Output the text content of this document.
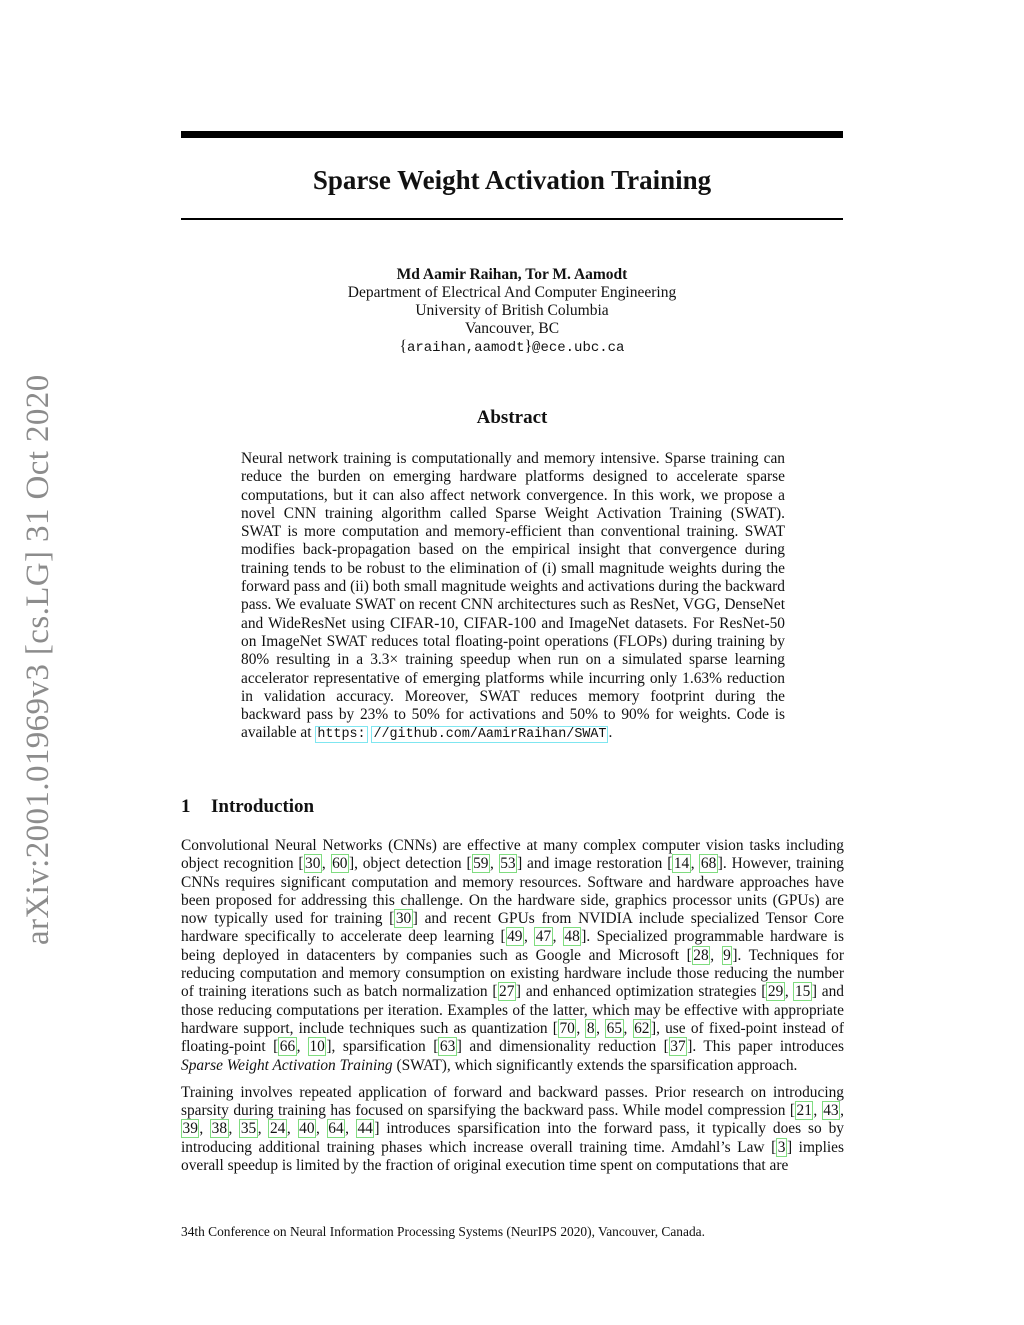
arXiv:2001.01969v3 [cs.LG] 31 Oct 2020
Sparse Weight Activation Training
Md Aamir Raihan, Tor M. Aamodt
Department of Electrical And Computer Engineering
University of British Columbia
Vancouver, BC
{araihan,aamodt}@ece.ubc.ca
Abstract
Neural network training is computationally and memory intensive. Sparse training can reduce the burden on emerging hardware platforms designed to accelerate sparse computations, but it can also affect network convergence. In this work, we propose a novel CNN training algorithm called Sparse Weight Activation Training (SWAT). SWAT is more computation and memory-efficient than conventional training. SWAT modifies back-propagation based on the empirical insight that convergence during training tends to be robust to the elimination of (i) small magnitude weights during the forward pass and (ii) both small magnitude weights and activations during the backward pass. We evaluate SWAT on recent CNN architectures such as ResNet, VGG, DenseNet and WideResNet using CIFAR-10, CIFAR-100 and ImageNet datasets. For ResNet-50 on ImageNet SWAT reduces total floating-point operations (FLOPs) during training by 80% resulting in a 3.3× training speedup when run on a simulated sparse learning accelerator representative of emerging platforms while incurring only 1.63% reduction in validation accuracy. Moreover, SWAT reduces memory footprint during the backward pass by 23% to 50% for activations and 50% to 90% for weights. Code is available at https: //github.com/AamirRaihan/SWAT .
1 Introduction

Convolutional Neural Networks (CNNs) are effective at many complex computer vision tasks including object recognition [30, 60], object detection [59, 53] and image restoration [14, 68]. However, training CNNs requires significant computation and memory resources. Software and hardware approaches have been proposed for addressing this challenge. On the hardware side, graphics processor units (GPUs) are now typically used for training [30] and recent GPUs from NVIDIA include specialized Tensor Core hardware specifically to accelerate deep learning [49, 47, 48]. Specialized programmable hardware is being deployed in datacenters by companies such as Google and Microsoft [28, 9]. Techniques for reducing computation and memory consumption on existing hardware include those reducing the number of training iterations such as batch normalization [27] and enhanced optimization strategies [29, 15] and those reducing computations per iteration. Examples of the latter, which may be effective with appropriate hardware support, include techniques such as quantization [70, 8, 65, 62], use of fixed-point instead of floating-point [66, 10], sparsification [63] and dimensionality reduction [37]. This paper introduces Sparse Weight Activation Training (SWAT), which significantly extends the sparsification approach.

Training involves repeated application of forward and backward passes. Prior research on introducing sparsity during training has focused on sparsifying the backward pass. While model compression [21, 43, 39, 38, 35, 24, 40, 64, 44] introduces sparsification into the forward pass, it typically does so by introducing additional training phases which increase overall training time. Amdahl’s Law [3] implies overall speedup is limited by the fraction of original execution time spent on computations that are

34th Conference on Neural Information Processing Systems (NeurIPS 2020), Vancouver, Canada.
